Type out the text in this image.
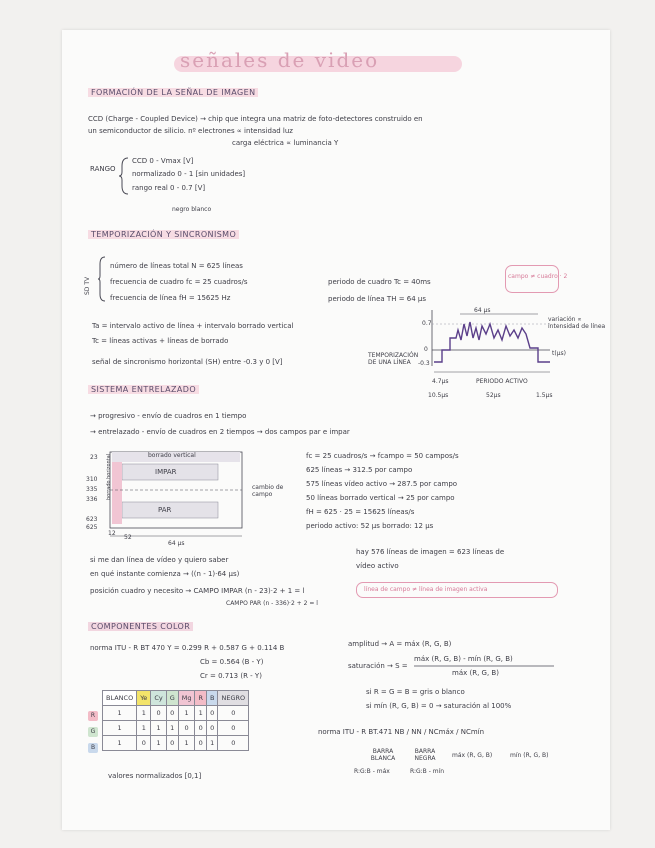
señales de video
FORMACIÓN DE LA SEÑAL DE IMAGEN
CCD (Charge - Coupled Device) → chip que integra una matriz de foto-detectores construido en
un semiconductor de silicio. nº electrones ∝ intensidad luz
carga eléctrica ∝ luminancia Y
RANGO
CCD 0 - Vmax [V]
normalizado 0 - 1 [sin unidades]
rango real 0 - 0.7 [V]
negro blanco
TEMPORIZACIÓN Y SINCRONISMO
SD TV
número de líneas total N = 625 líneas
frecuencia de cuadro fc = 25 cuadros/s
frecuencia de línea fH = 15625 Hz
periodo de cuadro Tc = 40ms
periodo de línea TH = 64 µs
campo ≠ cuadro · 2
Ta = intervalo activo de línea + intervalo borrado vertical
Tc = líneas activas + líneas de borrado
señal de sincronismo horizontal (SH) entre -0.3 y 0 [V]
64 µs
0.7
0
-0.3
variación ∝ intensidad de línea
t(µs)
TEMPORIZACIÓN DE UNA LÍNEA
4.7µs	PERIODO ACTIVO
10.5µs	52µs	1.5µs
SISTEMA ENTRELAZADO
→ progresivo - envío de cuadros en 1 tiempo
→ entrelazado - envío de cuadros en 2 tiempos → dos campos par e impar
borrado vertical
IMPAR
PAR
borrado horizontal	cambio de campo
64 µs
23
310
335
336
623
625
12
52
fc = 25 cuadros/s → fcampo = 50 campos/s
625 líneas → 312.5 por campo
575 líneas vídeo activo → 287.5 por campo
50 líneas borrado vertical → 25 por campo
fH = 625 · 25 = 15625 líneas/s
periodo activo: 52 µs borrado: 12 µs
si me dan línea de vídeo y quiero saber
en qué instante comienza → ((n - 1)·64 µs)
posición cuadro y necesito → CAMPO IMPAR (n - 23)·2 + 1 = l
CAMPO PAR (n - 336)·2 + 2 = l
hay 576 líneas de imagen = 623 líneas de
vídeo activo
línea de campo ≠ línea de imagen activa
COMPONENTES COLOR
norma ITU - R BT 470 Y = 0.299 R + 0.587 G + 0.114 B
Cb = 0.564 (B - Y)
Cr = 0.713 (R - Y)
amplitud → A = máx (R, G, B)
saturación → S =
máx (R, G, B) - mín (R, G, B)
máx (R, G, B)
si R = G = B = gris o blanco
si mín (R, G, B) = 0 → saturación al 100%
BLANCO	Ye	Cy	G	Mg	R	B	NEGRO
1	1	0	0	1	1	0	0
1	1	1	1	0	0	0	0
1	0	1	0	1	0	1	0
R
G
B
valores normalizados [0,1]
norma ITU - R BT.471 NB / NN / NCmáx / NCmín
BARRA BLANCA
BARRA NEGRA	máx (R, G, B)	mín (R, G, B)
R:G:B - máx	R:G:B - mín
